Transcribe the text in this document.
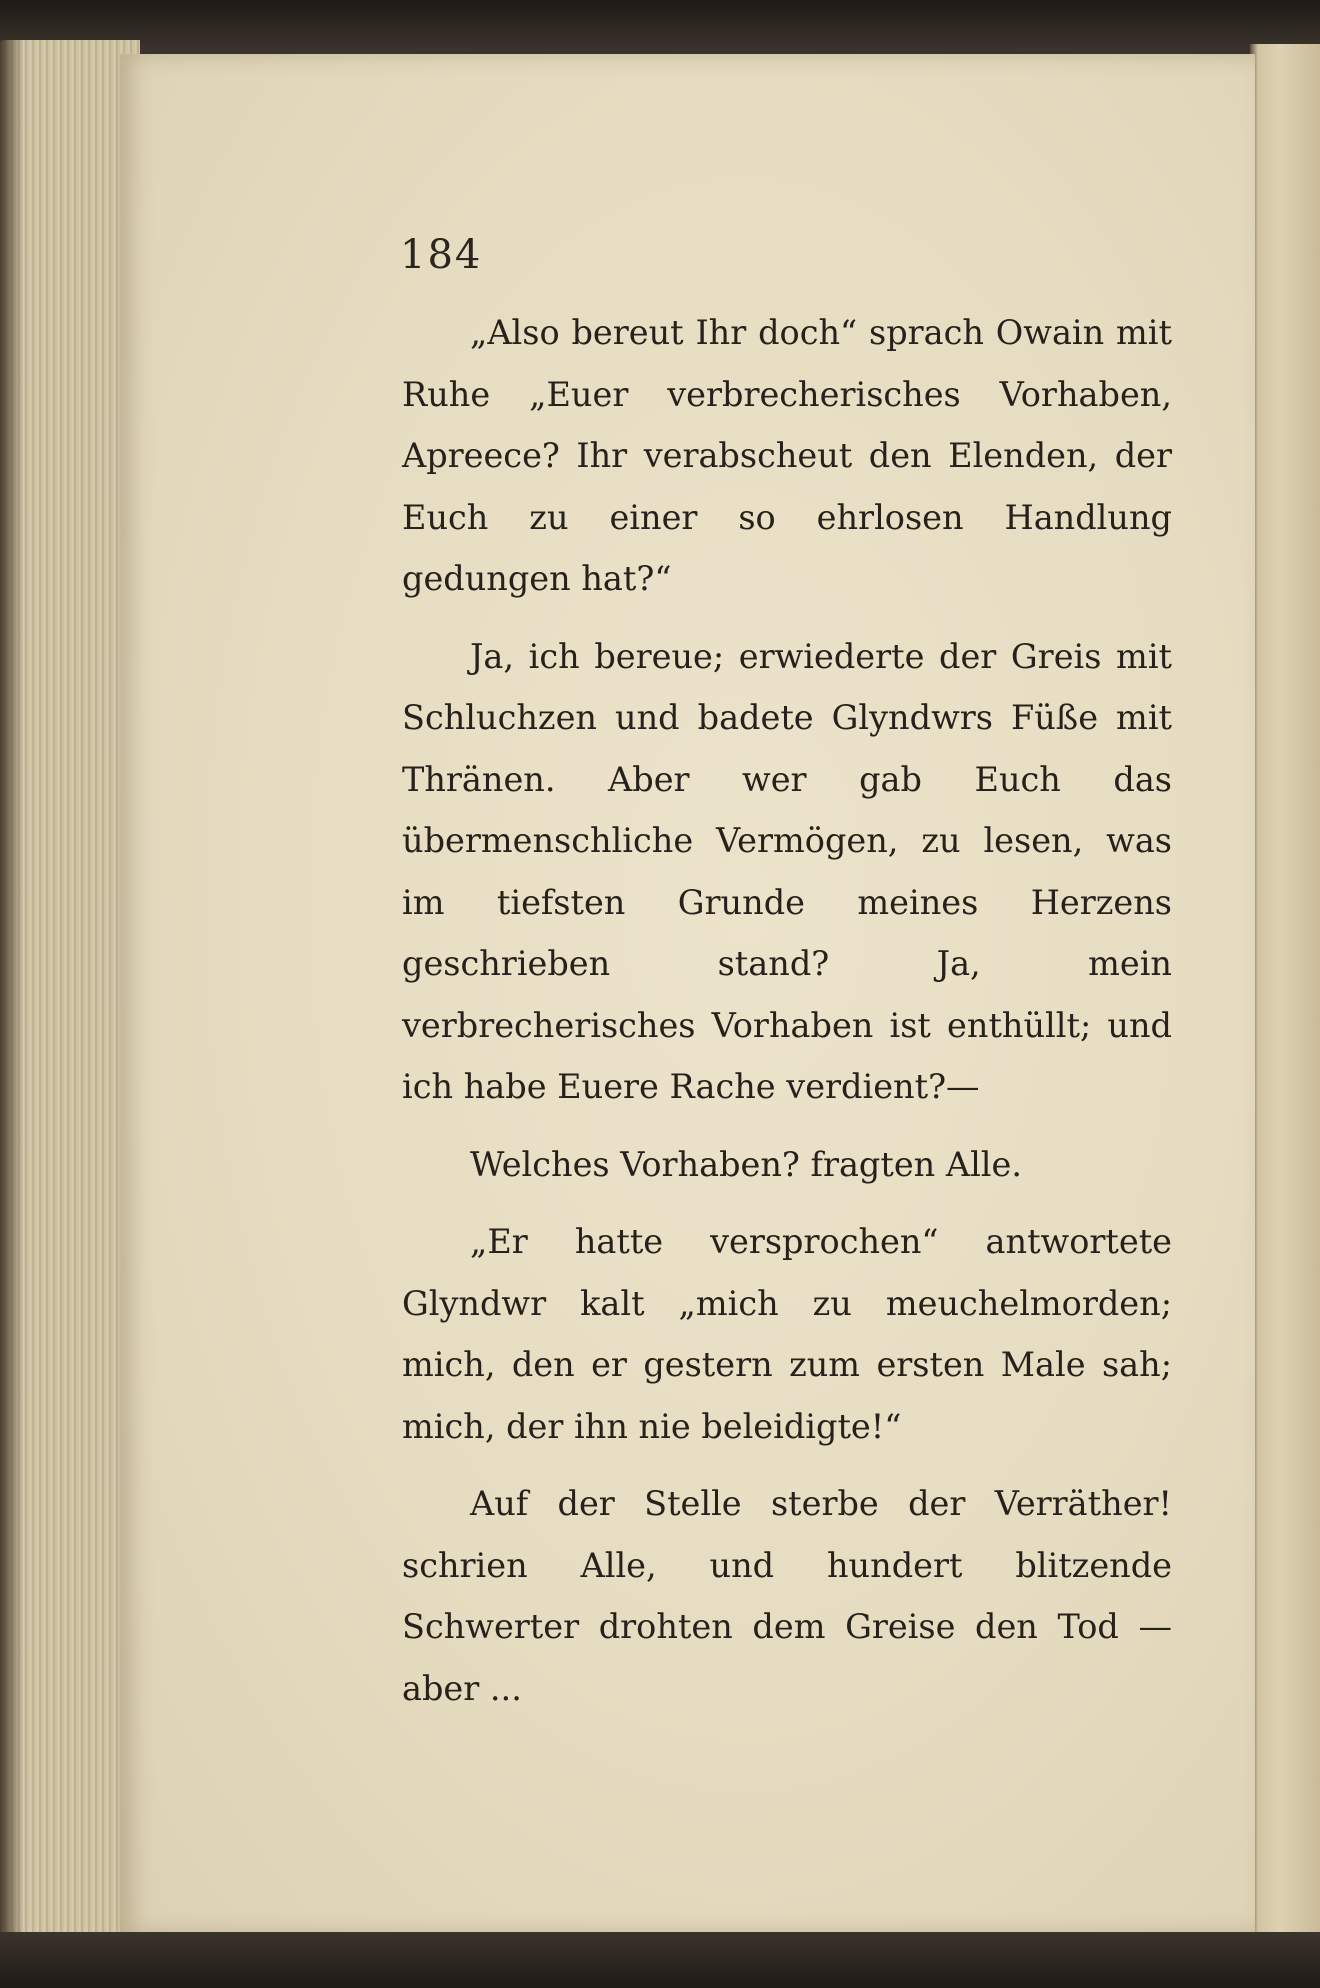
184

„Also bereut Ihr doch“ sprach Owain mit Ruhe „Euer verbrecherisches Vorhaben, Apreece? Ihr verabscheut den Elenden, der Euch zu einer so ehrlosen Handlung gedungen hat?“

Ja, ich bereue; erwiederte der Greis mit Schluchzen und badete Glyndwrs Füße mit Thränen. Aber wer gab Euch das übermenschliche Vermögen, zu lesen, was im tiefsten Grunde meines Herzens geschrieben stand? Ja, mein verbrecherisches Vorhaben ist enthüllt; und ich habe Euere Rache verdient?—

Welches Vorhaben? fragten Alle.

„Er hatte versprochen“ antwortete Glyndwr kalt „mich zu meuchelmorden; mich, den er gestern zum ersten Male sah; mich, der ihn nie beleidigte!“

Auf der Stelle sterbe der Verräther! schrien Alle, und hundert blitzende Schwerter drohten dem Greise den Tod — aber ...
